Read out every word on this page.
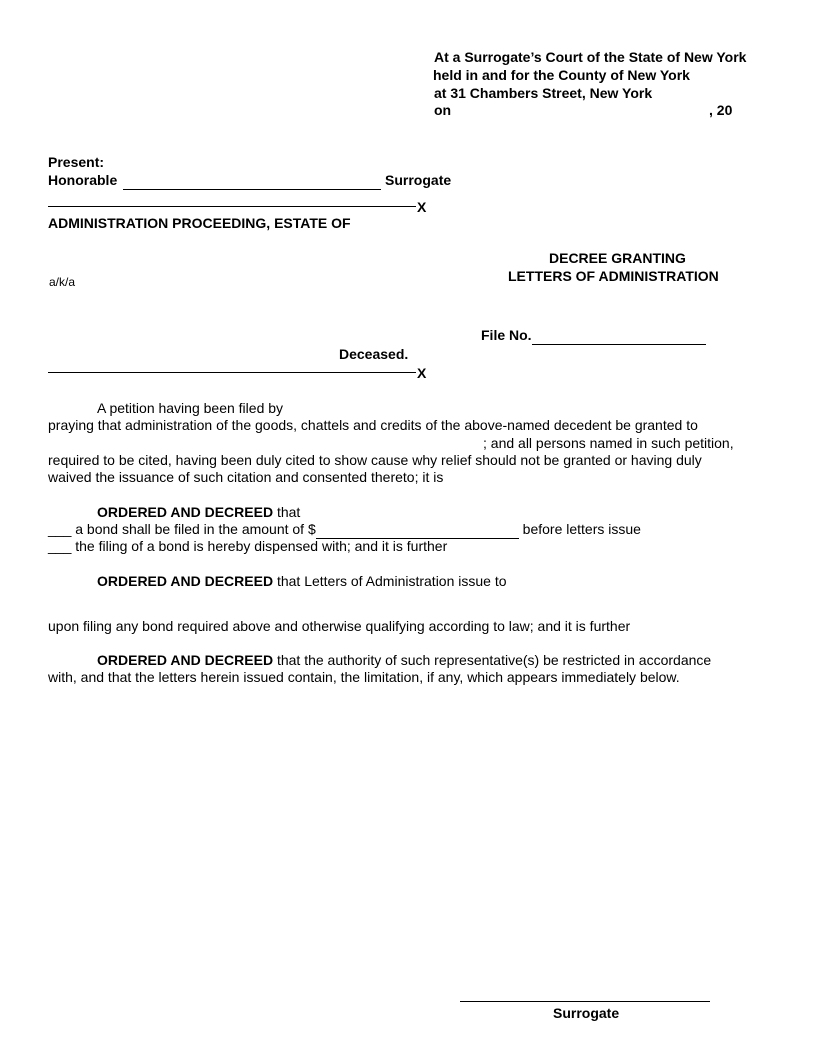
At a Surrogate’s Court of the State of New York
held in and for the County of New York
at 31 Chambers Street, New York
on	, 20
Present:
Honorable	Surrogate
X
ADMINISTRATION PROCEEDING, ESTATE OF
DECREE GRANTING
LETTERS OF ADMINISTRATION
a/k/a
File No.
Deceased.
X
A petition having been filed by
praying that administration of the goods, chattels and credits of the above-named decedent be granted to
; and all persons named in such petition,
required to be cited, having been duly cited to show cause why relief should not be granted or having duly
waived the issuance of such citation and consented thereto; it is
ORDERED AND DECREED that
___ a bond shall be filed in the amount of $	before letters issue
___ the filing of a bond is hereby dispensed with; and it is further
ORDERED AND DECREED that Letters of Administration issue to
upon filing any bond required above and otherwise qualifying according to law; and it is further
ORDERED AND DECREED that the authority of such representative(s) be restricted in accordance
with, and that the letters herein issued contain, the limitation, if any, which appears immediately below.
Surrogate
